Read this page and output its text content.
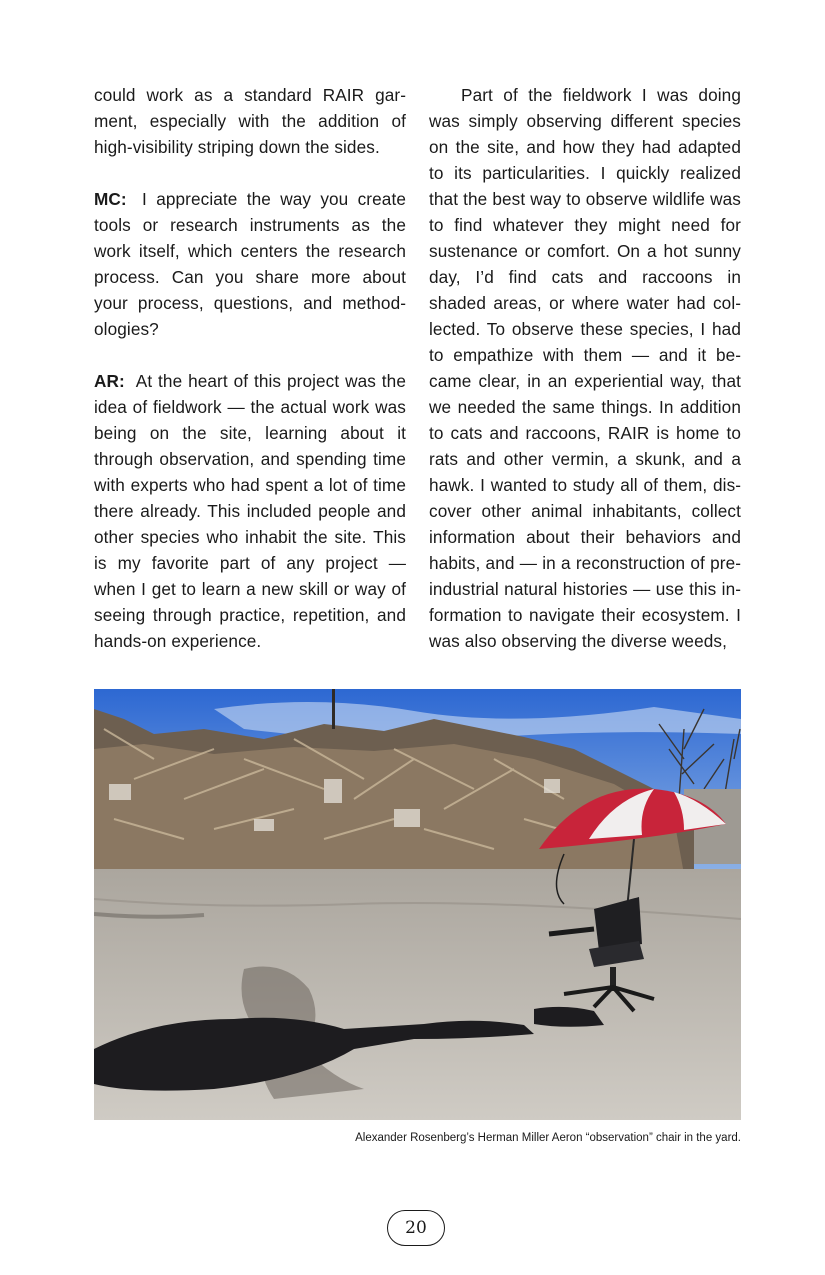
could work as a standard RAIR garment, especially with the addition of high-visibility striping down the sides.

MC: I appreciate the way you create tools or research instruments as the work itself, which centers the research process. Can you share more about your process, questions, and methodologies?

AR: At the heart of this project was the idea of fieldwork — the actual work was being on the site, learning about it through observation, and spending time with experts who had spent a lot of time there already. This included people and other species who inhabit the site. This is my favorite part of any project — when I get to learn a new skill or way of seeing through practice, repetition, and hands-on experience.

Part of the fieldwork I was doing was simply observing different species on the site, and how they had adapted to its particularities. I quickly realized that the best way to observe wildlife was to find whatever they might need for sustenance or comfort. On a hot sunny day, I’d find cats and raccoons in shaded areas, or where water had collected. To observe these species, I had to empathize with them — and it became clear, in an experiential way, that we needed the same things. In addition to cats and raccoons, RAIR is home to rats and other vermin, a skunk, and a hawk. I wanted to study all of them, discover other animal inhabitants, collect information about their behaviors and habits, and — in a reconstruction of preindustrial natural histories — use this information to navigate their ecosystem. I was also observing the diverse weeds,

Alexander Rosenberg’s Herman Miller Aeron “observation” chair in the yard.
20
